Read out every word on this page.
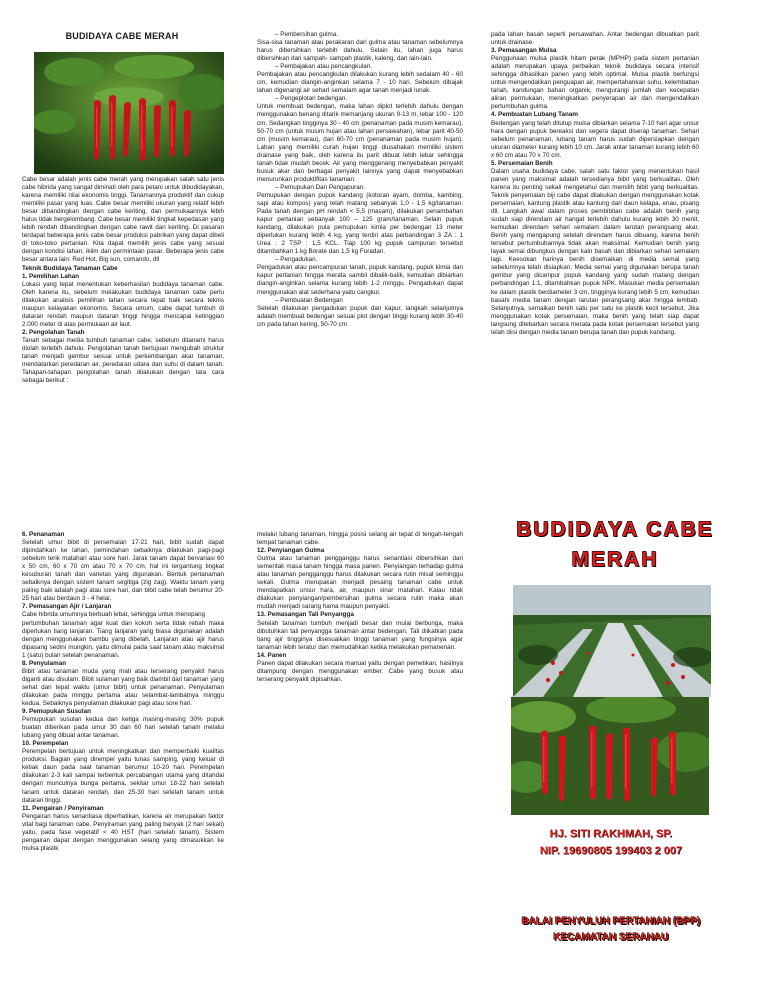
BUDIDAYA CABE MERAH

Cabe besar adalah jenis cabe merah yang merupakan salah satu jenis cabe hibrida yang sangat diminati oleh para petani untuk dibudidayakan, karena memiliki nilai ekonomis tinggi. Tanamannya produktif dan cukup memiliki pasar yang luas. Cabe besar memiliki ukuran yang relatif lebih besar dibandingkan dengan cabe keriting, dan permukaannya lebih halus tidak bergelombang. Cabe besar memiliki tingkat kepedasan yang lebih rendah dibandingkan dengan cabe rawit dan keriting. Di pasaran terdapat beberapa jenis cabe besar produksi pabrikan yang dapat dibeli di toko-toko pertanian. Kita dapat memilih jenis cabe yang sesuai dengan kondisi lahan, iklim dan permintaan pasar. Beberapa jenis cabe besar antara lain: Red Hot, Big sun, comando, dll

Teknik Budidaya Tanaman Cabe

1. Pemilihan Lahan

Lokasi yang tepat menentukan keberhasilan budidaya tanaman cabe. Oleh karena itu, sebelum melakukan budidaya tanaman cabe perlu dilakukan analisis pemilihan lahan secara tepat baik secara teknis maupun kelayakan ekonomis. Secara umum, cabe dapat tumbuh di dataran rendah maupun dataran tinggi hingga mencapai ketinggian 2.000 meter di atas permukaan air laut.

2. Pengolahan Tanah

Tanah sebagai media tumbuh tanaman cabe, sebelum ditanami harus diolah terlebih dahulu. Pengolahan tanah bertujuan mengubah struktur tanah menjadi gembur sesuai untuk perkembangan akar tanaman, mendatarkan peredaran air, peredaran udara dan suhu di dalam tanah. Tahapan-tahapan pengolahan tanah dilakukan dengan tata cara sebagai berikut :

– Pembersihan gulma.

Sisa-sisa tanaman atau perakaran dari gulma atau tanaman sebelumnya harus dibersihkan terlebih dahulu. Selain itu, lahan juga harus dibersihkan dari sampah- sampah plastik, kaleng, dan lain-lain.

– Pembajakan atau pencangkulan.

Pembajakan atau pencangkulan dilakukan kurang lebih sedalam 40 - 60 cm, kemudian diangin-anginkan selama 7 - 10 hari. Sebelum dibajak lahan digenangi air seharI semalam agar tanah menjadi lunak.

– Pengeplotan bedengan.

Untuk membuat bedengan, maka lahan diplot terlebih dahulu dengan menggunakan benang ditarik memanjang ukuran 9-13 m, lebar 100 - 120 cm. Sedangkan tingginya 30 - 40 cm (penanaman pada musim kemarau), 50-70 cm (untuk musim hujan atau lahan persawahan), lebar parit 40-50 cm (musim kemarau), dan 60-70 cm (penanaman pada musim hujan). Lahan yang memiliki curah hujan tinggi diusahakan memiliki sistem drainase yang baik, oleh karena itu parit dibuat lebih lebar sehingga tanah tidak mudah becek. Air yang menggenang menyebabkan penyakit busuk akar dan berbagai penyakit lainnya yang dapat menyebabkan menurunkan produktifitas tanaman.

– Pemupukan Dan Pengapuran.

Pemupukan dengan pupuk kandang (kotoran ayam, domba, kambing, sapi atau kompos) yang telah matang sebanyak 1,0 - 1,5 kg/tanaman. Pada tanah dengan pH rendah < 5,5 (masam), dilakukan penambahan kapur pertanian sebanyak 100 – 125 gram/tanaman. Selain pupuk kandang, dilakukan pula pemupukan kimia per bedengan 13 meter diperlukan kurang lebih 4 kg, yang terdiri atas perbandingan 3 ZA : 1 Urea : 2 TSP : 1,5 KCL. Tiap 100 kg pupuk campuran tersebut ditambahkan 1 kg Borate dan 1,5 kg Furadan.

– Pengadukan.

Pengadukan atau pencampuran tanah, pupuk kandang, pupuk kimia dan kapur pertanian hingga merata sambil dibalik-balik, kemudian dibiarkan diangin-anginkan selama kurang lebih 1-2 minggu. Pengadukan dapat menggunakan alat sederhana yaitu cangkul.

– Pembuatan Bedengan

Setelah dilakukan pengadukan pupuk dan kapur, langkah selanjutnya adalah membuat bedengan sesuai plot dengan tinggi kurang lebih 30-40 cm pada lahan kering, 50-70 cm

pada lahan basah seperti persawahan. Antar bedengan dibuatkan parit untuk drainase.

3. Pemasangan Mulsa

Penggunaan mulsa plastik hitam perak (MPHP) pada sistem pertanian adalah merupakan upaya perbaikan teknik budidaya secara intensif sehingga dihasilkan panen yang lebih optimal. Mulsa plastik berfungsi untuk mengendalikan penguapan air, mempertahankan suhu, kelembaban tanah, kandungan bahan organik, mengurangi jumlah dan kecepatan aliran permukaan, meningkatkan penyerapan air dan mengendalikan pertumbuhan gulma.

4. Pembuatan Lubang Tanam

Bedengan yang telah ditutup mulsa dibiarkan selama 7-10 hari agar unsur hara dengan pupuk bereaksi dan segera dapat diserap tanaman. Sehari sebelum penanaman, lubang tanam harus sudah dipersiapkan dengan ukuran diameter kurang lebih 10 cm. Jarak antar tanaman kurang lebih 60 x 60 cm atau 70 x 70 cm.

5. Persemaian Benih

Dalam usaha budidaya cabe, salah satu faktor yang menentukan hasil panen yang maksimal adalah tersedianya bibit yang berkualitas. Oleh karena itu penting sekali mengetahui dan memilih bibit yang berkualitas. Teknik penyemaian biji cabe dapat dilakukan dengan menggunakan kotak persemaian, kantung plastik atau kantung dari daun kelapa, enau, pisang dll. Langkah awal dalam proses pembibitan cabe adalah benih yang sudah siap direndam air hangat terlebih dahulu kurang lebih 30 menit, kemudian direndam sehari semalam dalam larutan perangsang akar. Benih yang mengapung setelah direndam harus dibuang, karena benih tersebut pertumbuhannya tidak akan maksimal. Kemudian benih yang layak semai dibungkus dengan kain basah dan dibiarkan sehari semalam lagi. Keesokan harinya benih disemaikan di media semai yang sebelumnya telah disiapkan. Media semai yang digunakan berupa tanah gembur yang dicampur pupuk kandang yang sudah matang dengan perbandingan 1:1, ditambahkan pupuk NPK. Masukan media persemaian ke dalam plastik berdiameter 3 cm, tingginya kurang lebih 5 cm, kemudian basahi media tanam dengan larutan perangsang akar hingga lembab. Selanjutnya, semaikan benih satu per satu ke plastik kecil tersebut. Jika menggunakan kotak persemaian, maka benih yang telah siap dapat langsung ditebarkan secara merata pada kotak persemaian tersebut yang telah diisi dengan media tanam berupa tanah dan pupuk kandang.

6. Penanaman

Setelah umur bibit di persemaian 17-21 hari, bibit sudah dapat dipindahkan ke lahan, pemindahan sebaiknya dilakukan pagi-pagi sebelum terik matahari atau sore hari. Jarak tanam dapat bervariasi 60 x 50 cm, 60 x 70 cm atau 70 x 70 cm, hal ini tergantung tingkat kesuburan tanah dan varietas yang digunakan. Bentuk pertanaman sebaiknya dengan sistem tanam segitiga (zig zag). Waktu tanam yang paling baik adalah pagi atau sore hari, dan bibit cabe telah berumur 20-25 hari atau berdaun 3 - 4 helai.

7. Pemasangan Ajir / Lanjaran

Cabe hibrida umumnya berbuah lebat, sehingga untuk menopang

pertumbuhan tanaman agar kuat dan kokoh serta tidak rebah maka diperlukan tiang lanjaran. Tiang lanjaran yang biasa digunakan adalah dengan menggunakan bambu yang dibelah. Lanjaran atau ajir harus dipasang sedini mungkin, yaitu dimulai pada saat tanam atau maksimal 1 (satu) bulan setelah penanaman.

8. Penyulaman

Bibit atau tanaman muda yang mati atau terserang penyakit harus diganti atau disulam. Bibit sulaman yang baik diambil dari tanaman yang sehat dan tepat waktu (umur bibit) untuk penanaman. Penyulaman dilakukan pada minggu pertama atau selambat-lambatnya minggu kedua. Sebaiknya penyulaman dilakukan pagi atau sore hari.

9. Pemupukan Susulan

Pemupukan susulan kedua dan ketiga masing-masing 30% pupuk buatan diberikan pada umur 30 dan 60 hari setelah tanam melalui lubang yang dibuat antar tanaman.

10. Perempelan

Perempelan bertujuan untuk meningkatkan dan memperbaiki kualitas produksi. Bagian yang dirempel yaitu tunas samping, yang keluar di ketiak daun pada saat tanaman berumur 10-20 hari. Perempelan dilakukan 2-3 kali sampai terbentuk percabangan utama yang ditandai dengan munculnya bunga pertama, sekitar umur 18-22 hari setelah tanam untuk dataran rendah, dan 25-30 hari setelah tanam untuk dataran tinggi.

11. Pengairan / Penyiraman

Pengairan harus senantiasa diperhatikan, karena air merupakan faktor vital bagi tanaman cabe. Penyiraman yang paling banyak (2 hari sekali) yaitu, pada fase vegetatif < 40 HST (hari setelah tanam). Sistem pengairan dapat dengan menggunakan selang yang dimasukkan ke mulsa plastik

melalui lubang tanaman, hingga posisi selang air tepat di tengah-tengah tempat tanaman cabe.

12. Penyiangan Gulma

Gulma atau tanaman pengganggu harus senantiasi dibersihkan dari sementak masa tanam hingga masa panen. Penyiangan terhadap gulma atau tanaman pengganggu harus dilakukan secara rutin misal seminggu sekali. Gulma merupakan menjadi pesaing tanaman cabe untuk mendapatkan unsur hara, air, maupun sinar matahari. Kalau tidak dilakukan penyiangan/pembersihan gulma secara rutin maka akan mudah menjadi sarang hama maupun penyakit.

13. Pemasangan Tali Penyangga

Setelah tanaman tumbuh menjadi besar dan mulai berbunga, maka dibutuhkan tali penyangga tanaman antar bedengan. Tali diikatkan pada tiang ajir tingginya disesuaikan tinggi tanaman yang fungsinya agar tanaman lebih teratur dan memudahkan ketika melakukan pemanenan.

14. Panen

Panen dapat dilakukan secara manual yaitu dengan pemetikan, hasilnya ditampung dengan menggunakan ember. Cabe yang busuk atau terserang penyakit dipisahkan.

BUDIDAYA CABE
MERAH
HJ. SITI RAKHMAH, SP.
NIP. 19690805 199403 2 007
BALAI PENYULUH PERTANIAN (BPP)
KECAMATAN SERANAU
